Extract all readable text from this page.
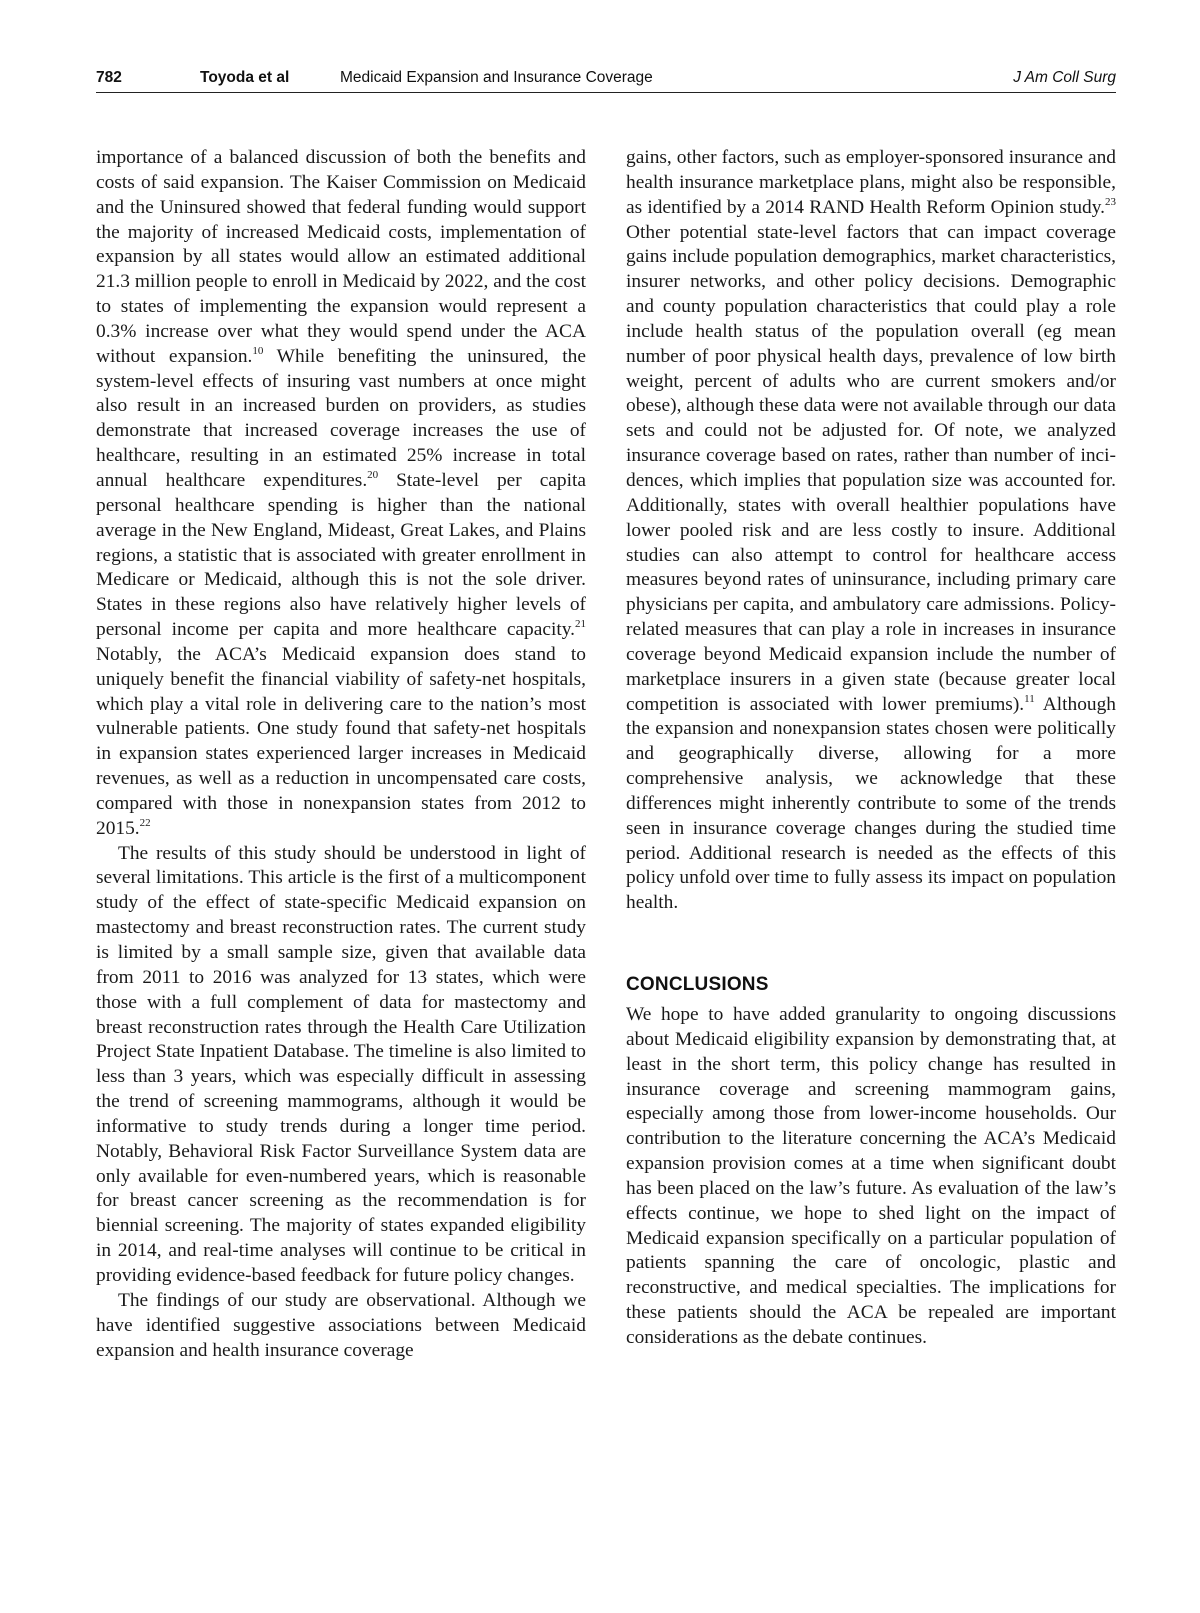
782	Toyoda et al	Medicaid Expansion and Insurance Coverage	J Am Coll Surg

importance of a balanced discussion of both the benefits and costs of said expansion. The Kaiser Commission on Medicaid and the Uninsured showed that federal funding would support the majority of increased Medicaid costs, implementation of expansion by all states would allow an estimated additional 21.3 million people to enroll in Medicaid by 2022, and the cost to states of implementing the expansion would represent a 0.3% increase over what they would spend under the ACA without expansion.$^{10}$ While benefiting the uninsured, the system-level effects of insuring vast numbers at once might also result in an increased burden on providers, as studies demonstrate that increased coverage increases the use of healthcare, resulting in an estimated 25% increase in total annual healthcare expenditures.$^{20}$ State-level per capita personal healthcare spending is higher than the national average in the New England, Mideast, Great Lakes, and Plains regions, a statistic that is associated with greater enrollment in Medicare or Medicaid, although this is not the sole driver. States in these regions also have relatively higher levels of personal income per capita and more healthcare capacity.$^{21}$ Notably, the ACA’s Medicaid expansion does stand to uniquely benefit the financial viability of safety-net hospitals, which play a vital role in delivering care to the nation’s most vulnerable patients. One study found that safety-net hospitals in expansion states experienced larger increases in Medicaid revenues, as well as a reduction in uncompensated care costs, compared with those in nonexpansion states from 2012 to 2015.22

The results of this study should be understood in light of several limitations. This article is the first of a multicomponent study of the effect of state-specific Medicaid expansion on mastectomy and breast reconstruction rates. The current study is limited by a small sample size, given that available data from 2011 to 2016 was analyzed for 13 states, which were those with a full complement of data for mastectomy and breast reconstruction rates through the Health Care Utilization Project State Inpatient Database. The timeline is also limited to less than 3 years, which was especially difficult in assessing the trend of screening mammograms, although it would be informative to study trends during a longer time period. Notably, Behavioral Risk Factor Surveillance System data are only available for even-numbered years, which is reasonable for breast cancer screening as the recommendation is for biennial screening. The majority of states expanded eligibility in 2014, and real-time analyses will continue to be critical in providing evidence-based feedback for future policy changes.

The findings of our study are observational. Although we have identified suggestive associations between Medicaid expansion and health insurance coverage

gains, other factors, such as employer-sponsored insurance and health insurance marketplace plans, might also be responsible, as identified by a 2014 RAND Health Reform Opinion study.$^{23}$ Other potential state-level factors that can impact coverage gains include population demographics, market characteristics, insurer networks, and other policy decisions. Demographic and county population characteristics that could play a role include health status of the population overall (eg mean number of poor physical health days, prevalence of low birth weight, percent of adults who are current smokers and/or obese), although these data were not available through our data sets and could not be adjusted for. Of note, we analyzed insurance coverage based on rates, rather than number of incidences, which implies that population size was accounted for. Additionally, states with overall healthier populations have lower pooled risk and are less costly to insure. Additional studies can also attempt to control for healthcare access measures beyond rates of uninsurance, including primary care physicians per capita, and ambulatory care admissions. Policy-related measures that can play a role in increases in insurance coverage beyond Medicaid expansion include the number of marketplace insurers in a given state (because greater local competition is associated with lower premiums).$^{11}$ Although the expansion and nonexpansion states chosen were politically and geographically diverse, allowing for a more comprehensive analysis, we acknowledge that these differences might inherently contribute to some of the trends seen in insurance coverage changes during the studied time period. Additional research is needed as the effects of this policy unfold over time to fully assess its impact on population health.

CONCLUSIONS

We hope to have added granularity to ongoing discussions about Medicaid eligibility expansion by demonstrating that, at least in the short term, this policy change has resulted in insurance coverage and screening mammogram gains, especially among those from lower-income households. Our contribution to the literature concerning the ACA’s Medicaid expansion provision comes at a time when significant doubt has been placed on the law’s future. As evaluation of the law’s effects continue, we hope to shed light on the impact of Medicaid expansion specifically on a particular population of patients spanning the care of oncologic, plastic and reconstructive, and medical specialties. The implications for these patients should the ACA be repealed are important considerations as the debate continues.
